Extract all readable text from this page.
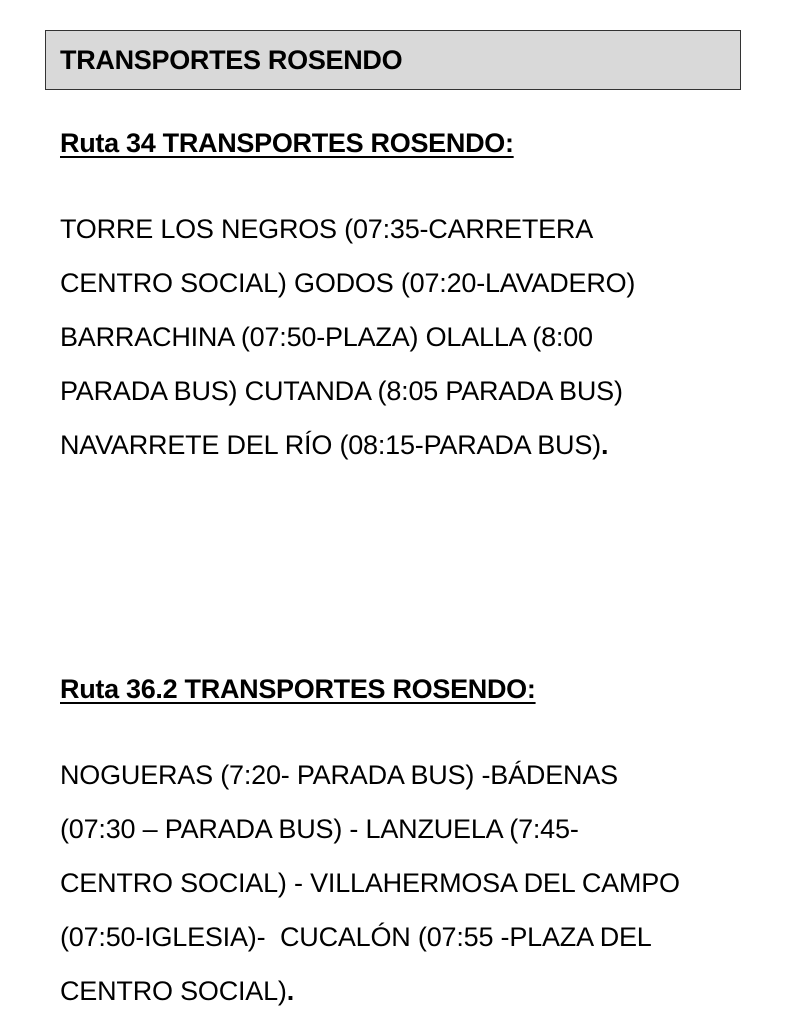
TRANSPORTES ROSENDO
Ruta 34 TRANSPORTES ROSENDO:
TORRE LOS NEGROS (07:35-CARRETERA
CENTRO SOCIAL) GODOS (07:20-LAVADERO)
BARRACHINA (07:50-PLAZA) OLALLA (8:00
PARADA BUS) CUTANDA (8:05 PARADA BUS)
NAVARRETE DEL RÍO (08:15-PARADA BUS).
Ruta 36.2 TRANSPORTES ROSENDO:
NOGUERAS (7:20- PARADA BUS) -BÁDENAS
(07:30 – PARADA BUS) - LANZUELA (7:45-
CENTRO SOCIAL) - VILLAHERMOSA DEL CAMPO
(07:50-IGLESIA)-  CUCALÓN (07:55 -PLAZA DEL
CENTRO SOCIAL).
